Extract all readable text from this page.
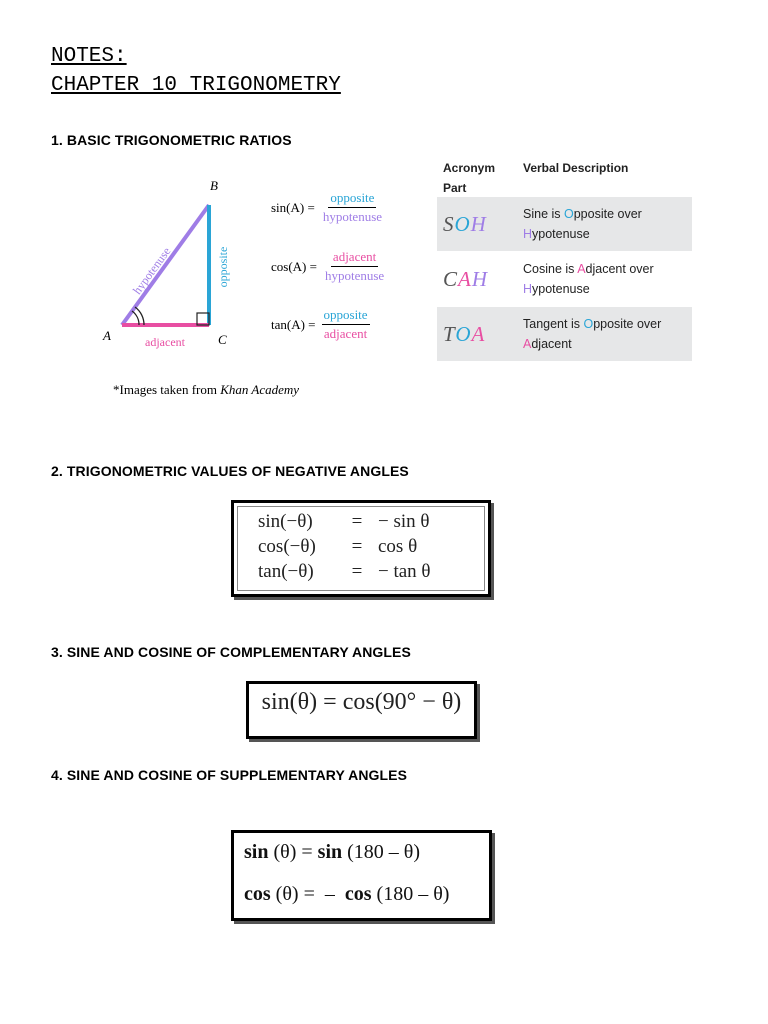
NOTES:
CHAPTER 10 TRIGONOMETRY
1. BASIC TRIGONOMETRIC RATIOS
A
B
C
hypotenuse	opposite
adjacent
$\sin(A) = \frac{\text{opposite}}{\text{hypotenuse}}$
$\cos(A) = \frac{\text{adjacent}}{\text{hypotenuse}}$
$\tan(A) = \frac{\text{opposite}}{\text{adjacent}}$
Acronym
Part
Verbal Description
SOH	Sine is Opposite over
Hypotenuse
CAH	Cosine is Adjacent over
Hypotenuse
TOA	Tangent is Opposite over
Adjacent
*Images taken from Khan Academy
2. TRIGONOMETRIC VALUES OF NEGATIVE ANGLES
sin(−θ)	= − sin θ
cos(−θ)	= cos θ
tan(−θ)	= − tan θ
3. SINE AND COSINE OF COMPLEMENTARY ANGLES
sin(θ) = cos(90° − θ)
4. SINE AND COSINE OF SUPPLEMENTARY ANGLES
sin (θ) = sin (180 – θ)
cos (θ) =  –  cos (180 – θ)
